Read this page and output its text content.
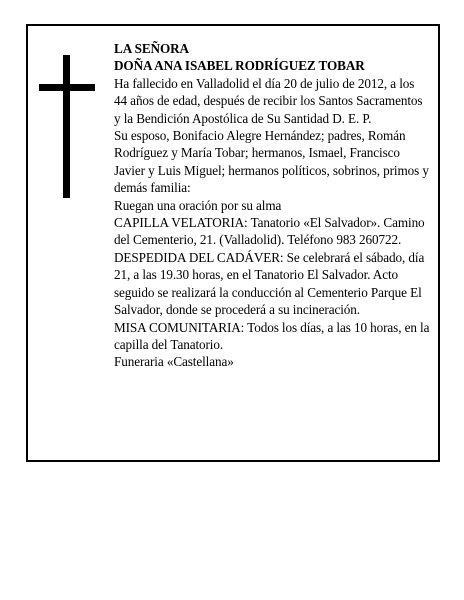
LA SEÑORA

DOÑA ANA ISABEL RODRÍGUEZ TOBAR

Ha fallecido en Valladolid el día 20 de julio de 2012, a los 44 años de edad, después de recibir los Santos Sacramentos y la Bendición Apostólica de Su Santidad D. E. P.

Su esposo, Bonifacio Alegre Hernández; padres, Román Rodríguez y María Tobar; hermanos, Ismael, Francisco Javier y Luis Miguel; hermanos políticos, sobrinos, primos y demás familia:

Ruegan una oración por su alma

CAPILLA VELATORIA: Tanatorio «El Salvador». Camino del Cementerio, 21. (Valladolid). Teléfono 983 260722.

DESPEDIDA DEL CADÁVER: Se celebrará el sábado, día 21, a las 19.30 horas, en el Tanatorio El Salvador. Acto seguido se realizará la conducción al Cementerio Parque El Salvador, donde se procederá a su incineración.

MISA COMUNITARIA: Todos los días, a las 10 horas, en la capilla del Tanatorio.

Funeraria «Castellana»
